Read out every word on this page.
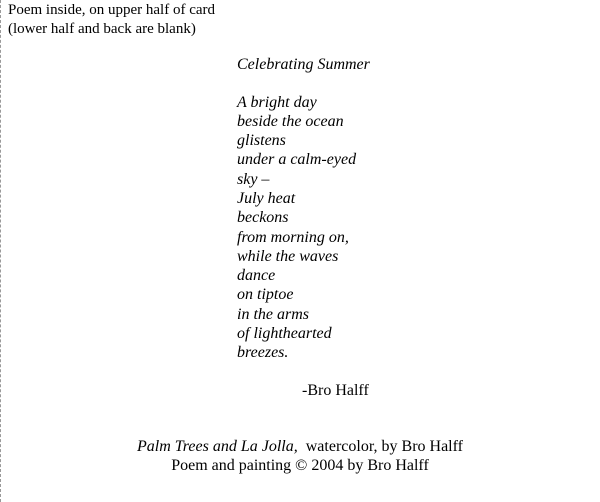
Poem inside, on upper half of card
(lower half and back are blank)
Celebrating Summer
A bright day
beside the ocean
glistens
under a calm-eyed
sky –
July heat
beckons
from morning on,
while the waves
dance
on tiptoe
in the arms
of lighthearted
breezes.
-Bro Halff
Palm Trees and La Jolla, watercolor, by Bro Halff
Poem and painting © 2004 by Bro Halff
